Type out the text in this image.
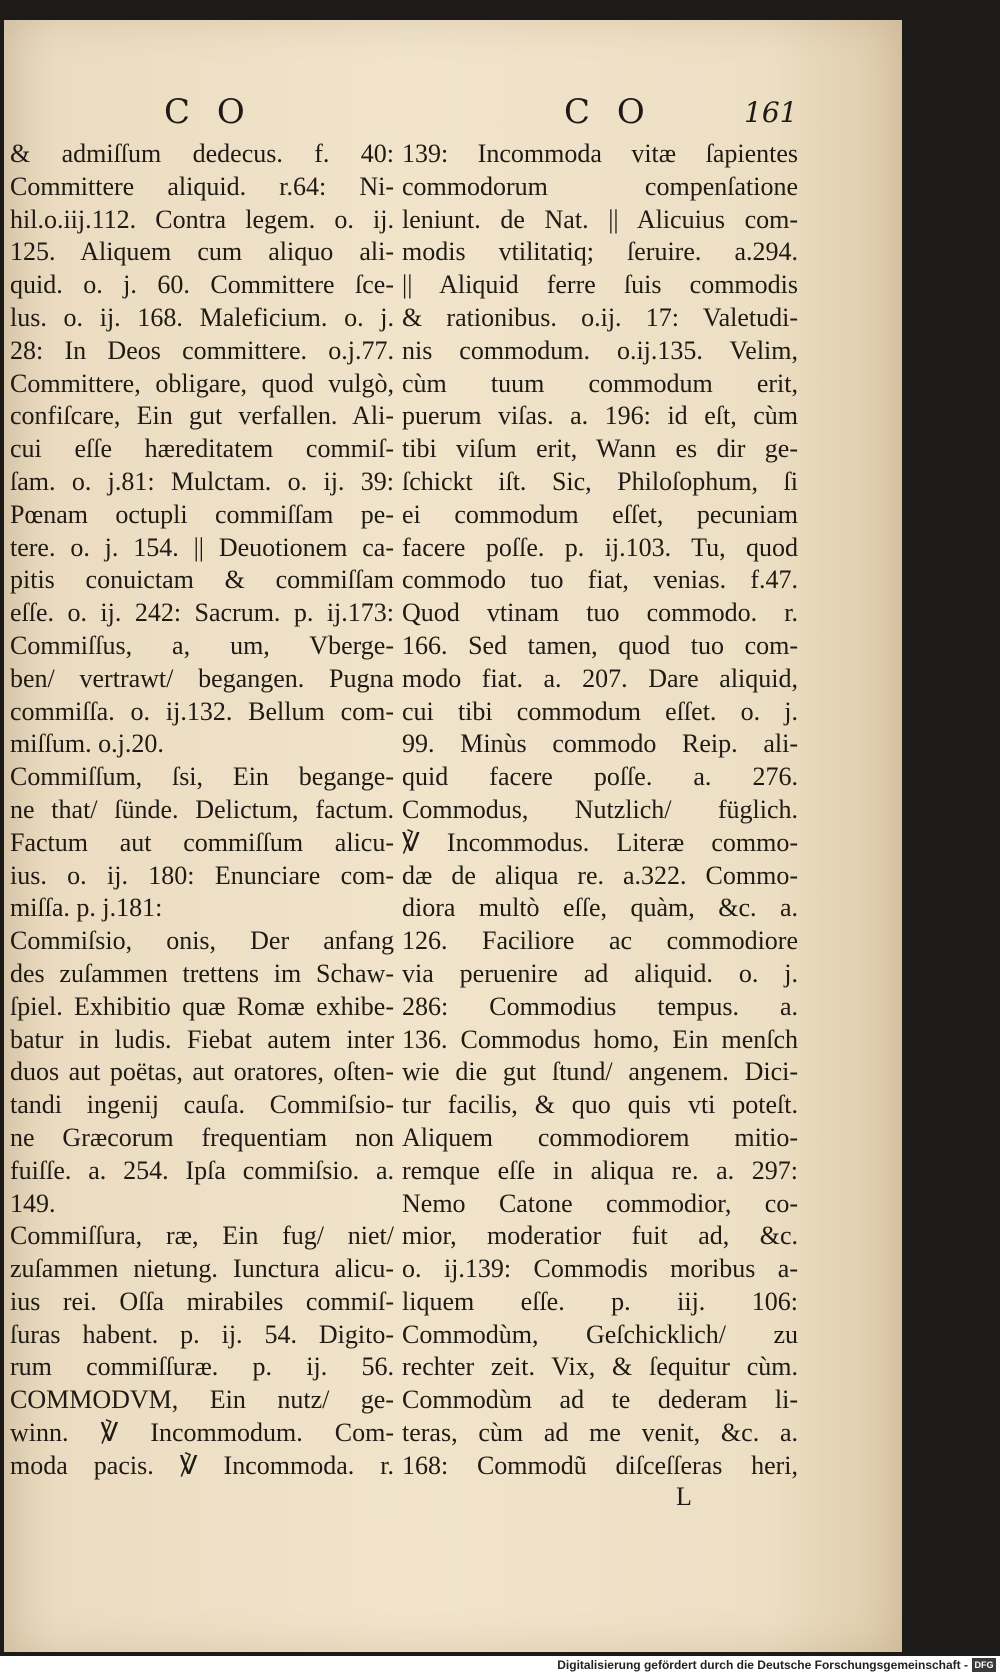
C O	C O	161
& admiſſum dedecus. f. 40:
Committere aliquid. r.64: Ni-
hil.o.iij.112. Contra legem. o. ij.
125. Aliquem cum aliquo ali-
quid. o. j. 60. Committere ſce-
lus. o. ij. 168. Maleficium. o. j.
28: In Deos committere. o.j.77.
Committere, obligare, quod vulgò,
confiſcare, Ein gut verfallen. Ali-
cui eſſe hæreditatem commiſ-
ſam. o. j.81: Mulctam. o. ij. 39:
Pœnam octupli commiſſam pe-
tere. o. j. 154. || Deuotionem ca-
pitis conuictam & commiſſam
eſſe. o. ij. 242: Sacrum. p. ij.173:
Commiſſus, a, um, Vberge-
ben/ vertrawt/ begangen. Pugna
commiſſa. o. ij.132. Bellum com-
miſſum. o.j.20.
Commiſſum, ſsi, Ein begange-
ne that/ ſünde. Delictum, factum.
Factum aut commiſſum alicu-
ius. o. ij. 180: Enunciare com-
miſſa. p. j.181:
Commiſsio, onis, Der anfang
des zuſammen trettens im Schaw-
ſpiel. Exhibitio quæ Romæ exhibe-
batur in ludis. Fiebat autem inter
duos aut poëtas, aut oratores, oſten-
tandi ingenij cauſa. Commiſsio-
ne Græcorum frequentiam non
fuiſſe. a. 254. Ipſa commiſsio. a.
149.
Commiſſura, ræ, Ein fug/ niet/
zuſammen nietung. Iunctura alicu-
ius rei. Oſſa mirabiles commiſ-
ſuras habent. p. ij. 54. Digito-
rum commiſſuræ. p. ij. 56.
COMMODVM, Ein nutz/ ge-
winn. ℣ Incommodum. Com-
moda pacis. ℣ Incommoda. r.
139: Incommoda vitæ ſapientes
commodorum compenſatione
leniunt. de Nat. || Alicuius com-
modis vtilitatiq; ſeruire. a.294.
|| Aliquid ferre ſuis commodis
& rationibus. o.ij. 17: Valetudi-
nis commodum. o.ij.135. Velim,
cùm tuum commodum erit,
puerum viſas. a. 196: id eſt, cùm
tibi viſum erit, Wann es dir ge-
ſchickt iſt. Sic, Philoſophum, ſi
ei commodum eſſet, pecuniam
facere poſſe. p. ij.103. Tu, quod
commodo tuo fiat, venias. f.47.
Quod vtinam tuo commodo. r.
166. Sed tamen, quod tuo com-
modo fiat. a. 207. Dare aliquid,
cui tibi commodum eſſet. o. j.
99. Minùs commodo Reip. ali-
quid facere poſſe. a. 276.
Commodus, Nutzlich/ füglich.
℣ Incommodus. Literæ commo-
dæ de aliqua re. a.322. Commo-
diora multò eſſe, quàm, &c. a.
126. Faciliore ac commodiore
via peruenire ad aliquid. o. j.
286: Commodius tempus. a.
136. Commodus homo, Ein menſch
wie die gut ſtund/ angenem. Dici-
tur facilis, & quo quis vti poteſt.
Aliquem commodiorem mitio-
remque eſſe in aliqua re. a. 297:
Nemo Catone commodior, co-
mior, moderatior fuit ad, &c.
o. ij.139: Commodis moribus a-
liquem eſſe. p. iij. 106:
Commodùm, Geſchicklich/ zu
rechter zeit. Vix, & ſequitur cùm.
Commodùm ad te dederam li-
teras, cùm ad me venit, &c. a.
168: Commodũ diſceſſeras heri,
L
Digitalisierung gefördert durch die Deutsche Forschungsgemeinschaft - DFG
